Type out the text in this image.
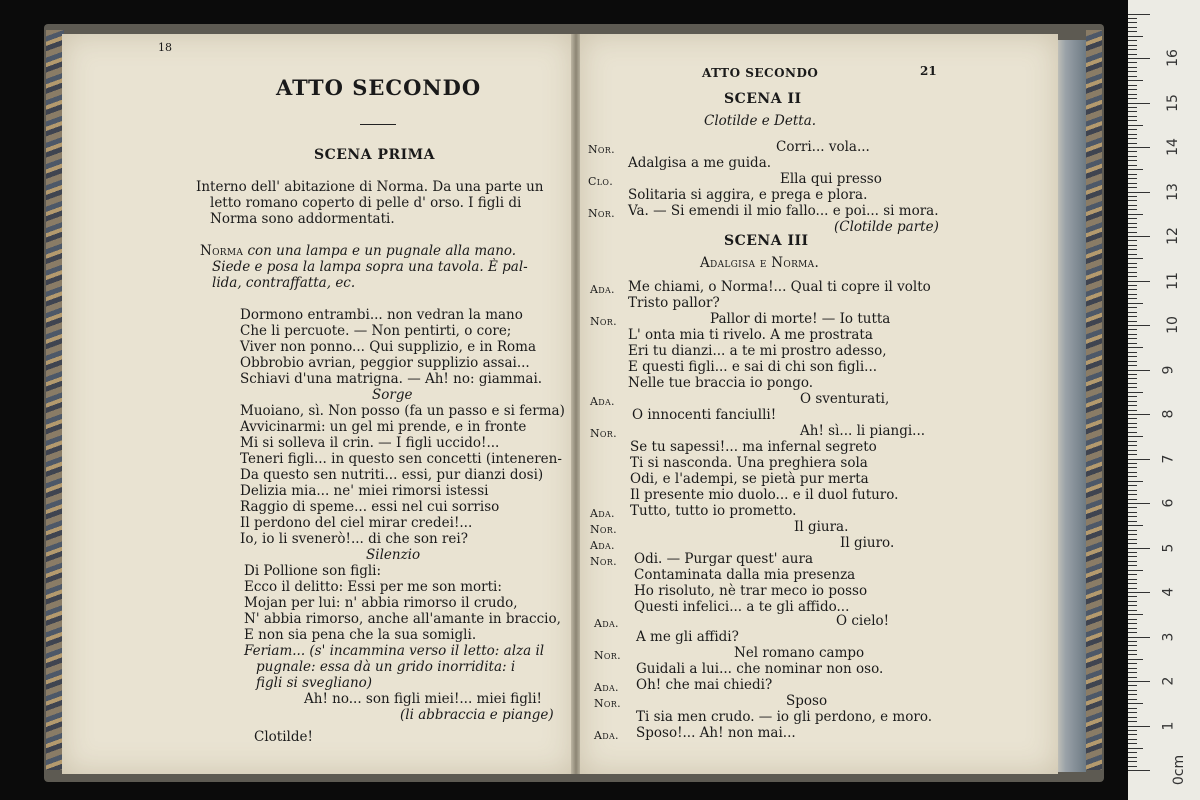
18
ATTO SECONDO
SCENA PRIMA
Interno dell' abitazione di Norma. Da una parte un
letto romano coperto di pelle d' orso. I figli di
Norma sono addormentati.
Norma con una lampa e un pugnale alla mano.
Siede e posa la lampa sopra una tavola. È pal-
lida, contraffatta, ec.
Dormono entrambi... non vedran la mano
Che li percuote. — Non pentirti, o core;
Viver non ponno... Qui supplizio, e in Roma
Obbrobio avrian, peggior supplizio assai...
Schiavi d'una matrigna. — Ah! no: giammai.
Sorge
Muoiano, sì. Non posso (fa un passo e si ferma)
Avvicinarmi: un gel mi prende, e in fronte
Mi si solleva il crin. — I figli uccido!...
Teneri figli... in questo sen concetti (inteneren-
Da questo sen nutriti... essi, pur dianzi dosi)
Delizia mia... ne' miei rimorsi istessi
Raggio di speme... essi nel cui sorriso
Il perdono del ciel mirar credei!...
Io, io li svenerò!... di che son rei?
Silenzio
Di Pollione son figli:
Ecco il delitto: Essi per me son morti:
Mojan per lui: n' abbia rimorso il crudo,
N' abbia rimorso, anche all'amante in braccio,
E non sia pena che la sua somigli.
Feriam... (s' incammina verso il letto: alza il
pugnale: essa dà un grido inorridita: i
figli si svegliano)
Ah! no... son figli miei!... miei figli!
(li abbraccia e piange)
Clotilde!
ATTO SECONDO	21
SCENA II
Clotilde e Detta.
Nor.	Corri... vola...
Adalgisa a me guida.
Clo.	Ella qui presso
Solitaria si aggira, e prega e plora.
Nor. Va. — Si emendi il mio fallo... e poi... si mora.
(Clotilde parte)
SCENA III
Adalgisa e Norma.
Ada. Me chiami, o Norma!... Qual ti copre il volto
Tristo pallor?
Nor.	Pallor di morte! — Io tutta
L' onta mia ti rivelo. A me prostrata
Eri tu dianzi... a te mi prostro adesso,
E questi figli... e sai di chi son figli...
Nelle tue braccia io pongo.
Ada.	O sventurati,
O innocenti fanciulli!
Nor.	Ah! sì... li piangi...
Se tu sapessi!... ma infernal segreto
Ti si nasconda. Una preghiera sola
Odi, e l'adempi, se pietà pur merta
Il presente mio duolo... e il duol futuro.
Ada. Tutto, tutto io prometto.
Nor.	Il giura.
Ada.	Il giuro.
Nor. Odi. — Purgar quest' aura
Contaminata dalla mia presenza
Ho risoluto, nè trar meco io posso
Questi infelici... a te gli affido...
Ada.	O cielo!
A me gli affidi?
Nor.	Nel romano campo
Guidali a lui... che nominar non oso.
Ada. Oh! che mai chiedi?
Nor.	Sposo
Ti sia men crudo. — io gli perdono, e moro.
Ada. Sposo!... Ah! non mai...
0cm
1
2
3
4
5
6
7
8
9
10
11
12
13
14
15
16
